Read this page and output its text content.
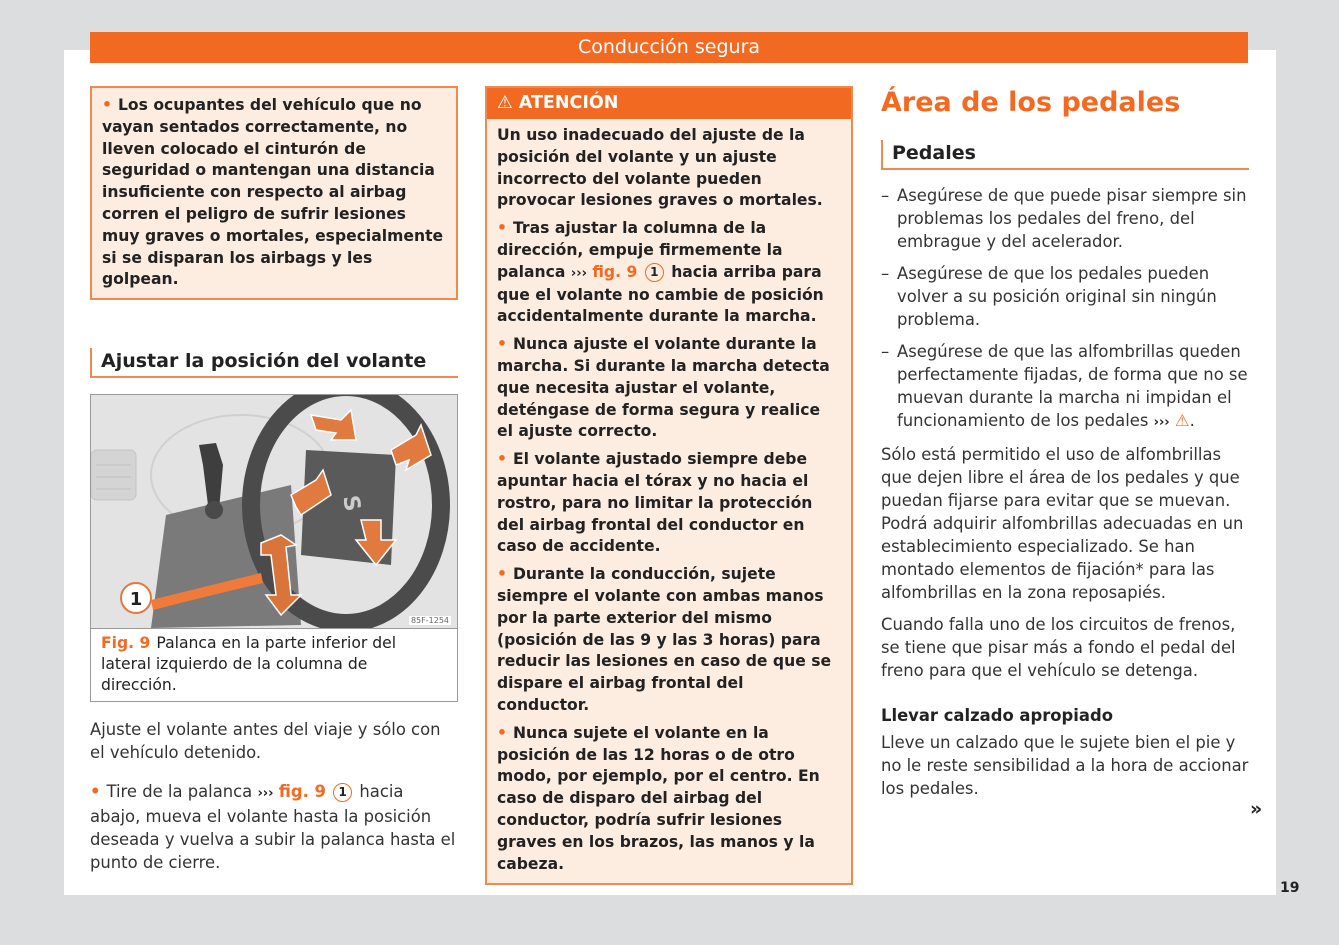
Conducción segura
• Los ocupantes del vehículo que no vayan sentados correctamente, no lleven colocado el cinturón de seguridad o mantengan una distancia insuficiente con respecto al airbag corren el peligro de sufrir lesiones muy graves o mortales, especialmente si se disparan los airbags y les golpean.
Ajustar la posición del volante
S
1
85F-1254
Fig. 9 Palanca en la parte inferior del lateral izquierdo de la columna de dirección.
Ajuste el volante antes del viaje y sólo con el vehículo detenido.
• Tire de la palanca ››› fig. 9 1 hacia abajo, mueva el volante hasta la posición deseada y vuelva a subir la palanca hasta el punto de cierre.
⚠ ATENCIÓN

Un uso inadecuado del ajuste de la posición del volante y un ajuste incorrecto del volante pueden provocar lesiones graves o mortales.

• Tras ajustar la columna de la dirección, empuje firmemente la palanca ››› fig. 9 1 hacia arriba para que el volante no cambie de posición accidentalmente durante la marcha.

• Nunca ajuste el volante durante la marcha. Si durante la marcha detecta que necesita ajustar el volante, deténgase de forma segura y realice el ajuste correcto.

• El volante ajustado siempre debe apuntar hacia el tórax y no hacia el rostro, para no limitar la protección del airbag frontal del conductor en caso de accidente.

• Durante la conducción, sujete siempre el volante con ambas manos por la parte exterior del mismo (posición de las 9 y las 3 horas) para reducir las lesiones en caso de que se dispare el airbag frontal del conductor.

• Nunca sujete el volante en la posición de las 12 horas o de otro modo, por ejemplo, por el centro. En caso de disparo del airbag del conductor, podría sufrir lesiones graves en los brazos, las manos y la cabeza.

Área de los pedales
Pedales
– Asegúrese de que puede pisar siempre sin problemas los pedales del freno, del embrague y del acelerador.
– Asegúrese de que los pedales pueden volver a su posición original sin ningún problema.
– Asegúrese de que las alfombrillas queden perfectamente fijadas, de forma que no se muevan durante la marcha ni impidan el funcionamiento de los pedales ››› ⚠.
Sólo está permitido el uso de alfombrillas que dejen libre el área de los pedales y que puedan fijarse para evitar que se muevan. Podrá adquirir alfombrillas adecuadas en un establecimiento especializado. Se han montado elementos de fijación* para las alfombrillas en la zona reposapiés.
Cuando falla uno de los circuitos de frenos, se tiene que pisar más a fondo el pedal del freno para que el vehículo se detenga.
Llevar calzado apropiado
Lleve un calzado que le sujete bien el pie y no le reste sensibilidad a la hora de accionar los pedales.
»
19
